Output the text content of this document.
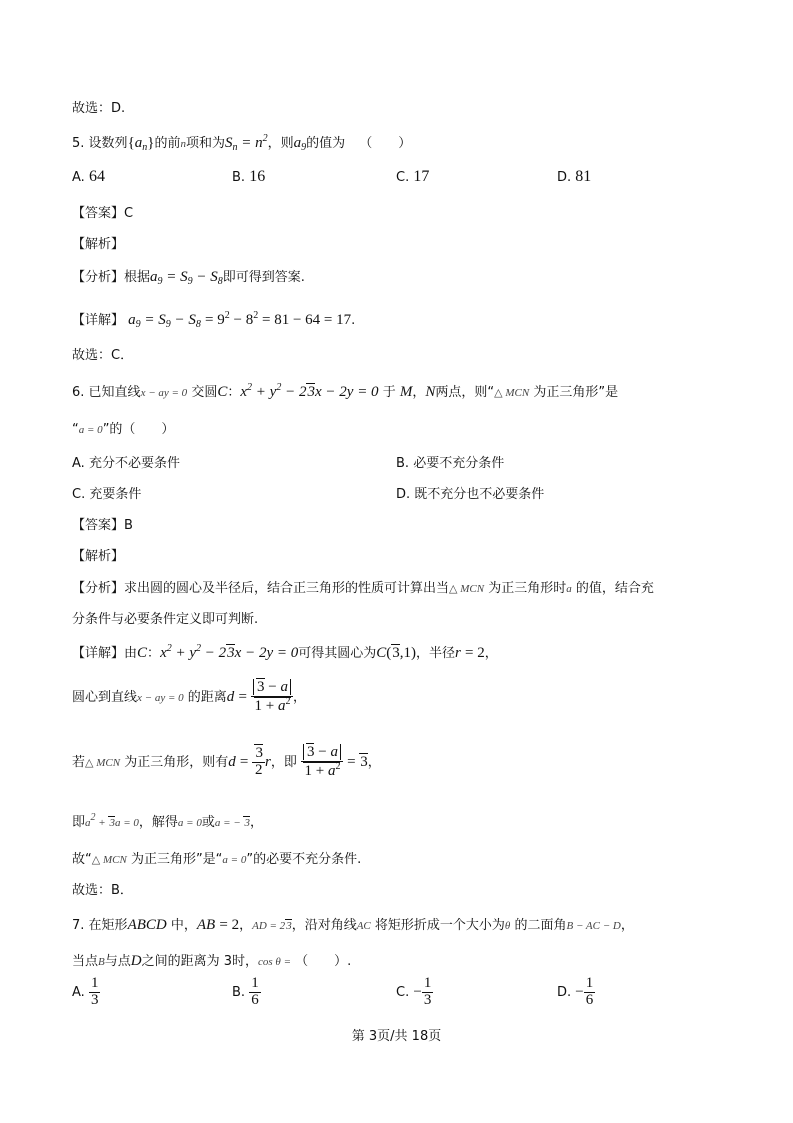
故选：D.
5. 设数列$\{a_n\}$的前n项和为$S_n = n^2$，则$a_9$的值为 （　　）
A. 64	B. 16	C. 17	D. 81
【答案】C
【解析】
【分析】根据$a_9 = S_9 - S_8$即可得到答案.
【详解】 $a_9 = S_9 - S_8 = 9^2 - 8^2 = 81 - 64 = 17$.
故选：C．
6. 已知直线x − ay = 0 交圆C：$x^2 + y^2 - 23x - 2y = 0$ 于 M，N两点，则“△ MCN 为正三角形”是
“a = 0”的（　　）
A. 充分不必要条件	B. 必要不充分条件
C. 充要条件	D. 既不充分也不必要条件
【答案】B
【解析】
【分析】求出圆的圆心及半径后，结合正三角形的性质可计算出当△ MCN 为正三角形时a 的值，结合充
分条件与必要条件定义即可判断.
【详解】由C：$x^2 + y^2 - 23x - 2y = 0$可得其圆心为C(3,1)，半径r = 2，
圆心到直线x − ay = 0 的距离$d = \frac{3 - a}{1 + a^2}$ ，
若△ MCN 为正三角形，则有$d = \frac{3}{2}$ r，即 $\frac{3 - a}{1 + a^2} = 3$，
即a2 + 3a = 0，解得a = 0或a = − 3，
故“△ MCN 为正三角形”是“a = 0”的必要不充分条件.
故选：B．
7. 在矩形ABCD 中，AB = 2，AD = 23，沿对角线AC 将矩形折成一个大小为θ 的二面角B − AC − D，
当点B与点D之间的距离为 3时，cos θ = （　　）.
A. $\frac{1}{3}$	B. $\frac{1}{6}$	C. − $\frac{1}{3}$	D. − $\frac{1}{6}$
第 3页/共 18页
